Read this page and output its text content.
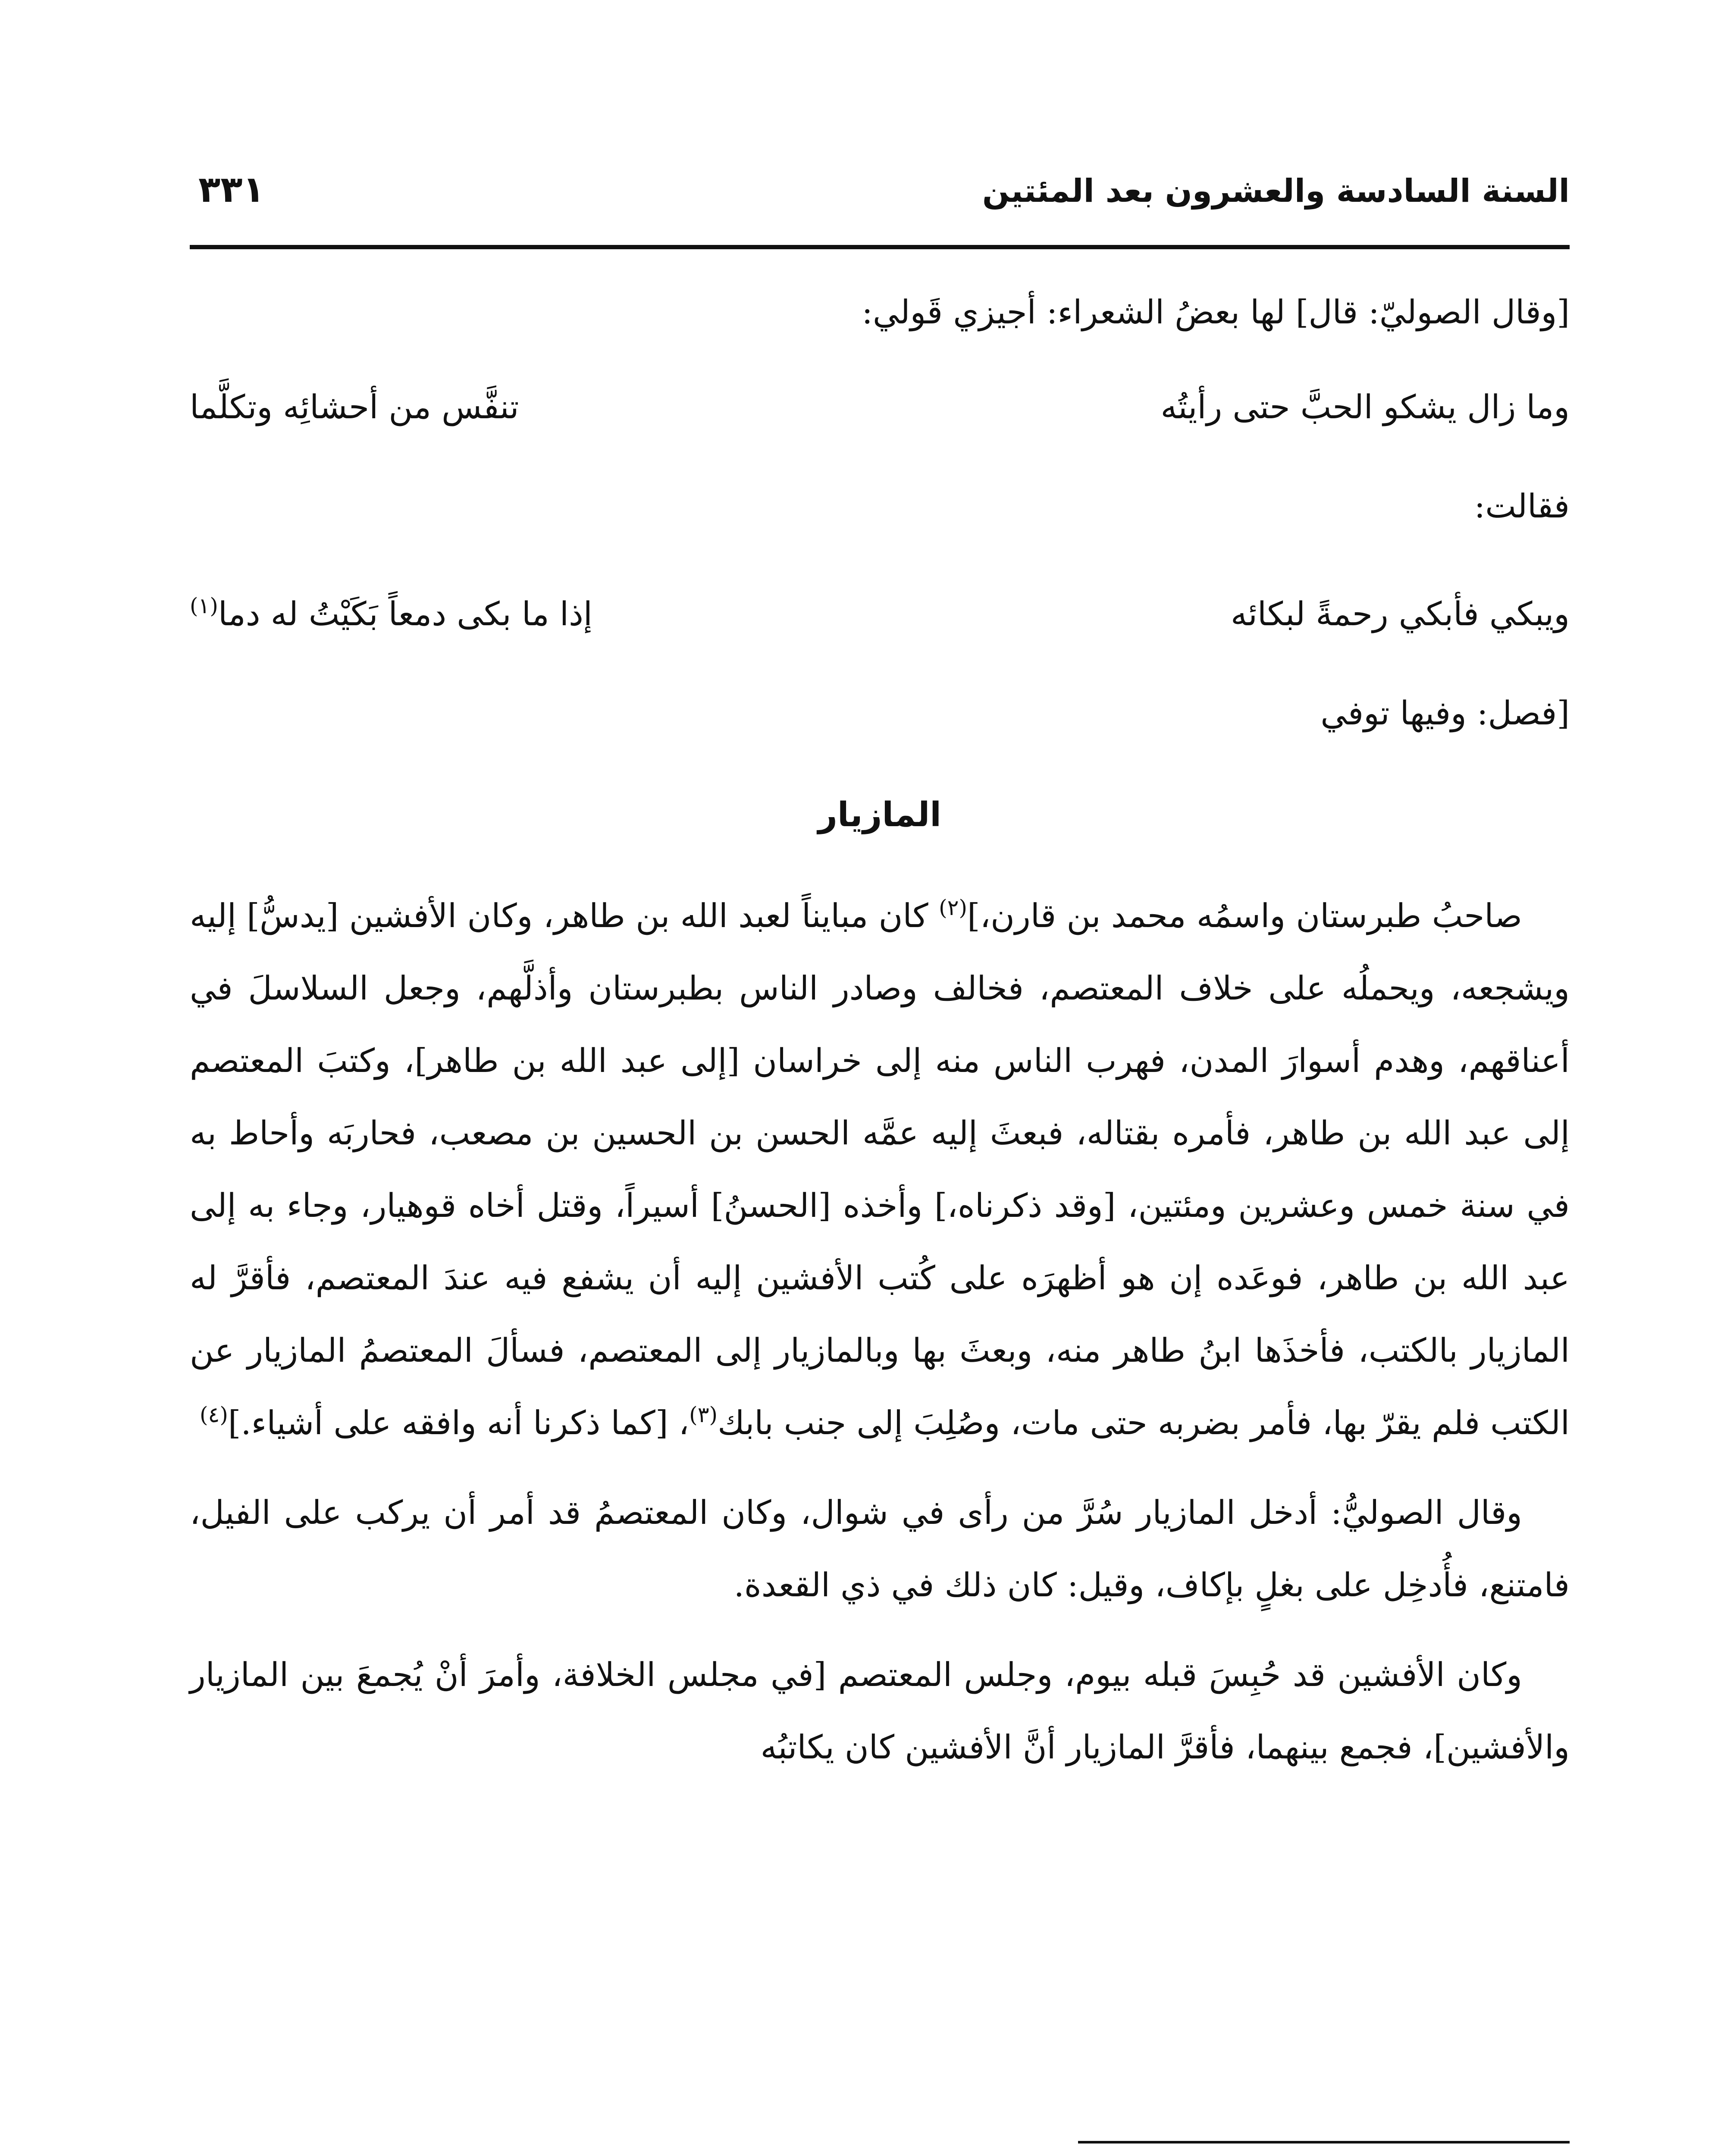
السنة السادسة والعشرون بعد المئتين
٣٣١
[وقال الصوليّ: قال] لها بعضُ الشعراء: أجيزي قَولي:
وما زال يشكو الحبَّ حتى رأيتُه
تنفَّس من أحشائِه وتكلَّما
فقالت:
ويبكي فأبكي رحمةً لبكائه
إذا ما بكى دمعاً بَكَيْتُ له دما$^{(١)}$
[فصل: وفيها توفي
المازيار

صاحبُ طبرستان واسمُه محمد بن قارن،]$^{(٢)}$ كان مبايناً لعبد الله بن طاهر، وكان الأفشين [يدسُّ] إليه ويشجعه، ويحملُه على خلاف المعتصم، فخالف وصادر الناس بطبرستان وأذلَّهم، وجعل السلاسلَ في أعناقهم، وهدم أسوارَ المدن، فهرب الناس منه إلى خراسان [إلى عبد الله بن طاهر]، وكتبَ المعتصم إلى عبد الله بن طاهر، فأمره بقتاله، فبعثَ إليه عمَّه الحسن بن الحسين بن مصعب، فحاربَه وأحاط به في سنة خمس وعشرين ومئتين، [وقد ذكرناه،] وأخذه [الحسنُ] أسيراً، وقتل أخاه قوهيار، وجاء به إلى عبد الله بن طاهر، فوعَده إن هو أظهرَه على كُتب الأفشين إليه أن يشفع فيه عندَ المعتصم، فأقرَّ له المازيار بالكتب، فأخذَها ابنُ طاهر منه، وبعثَ بها وبالمازيار إلى المعتصم، فسألَ المعتصمُ المازيار عن الكتب فلم يقرّ بها، فأمر بضربه حتى مات، وصُلِبَ إلى جنب بابك$^{(٣)}$، [كما ذكرنا أنه وافقه على أشياء.]$^{(٤)}$

وقال الصوليُّ: أدخل المازيار سُرَّ من رأى في شوال، وكان المعتصمُ قد أمر أن يركب على الفيل، فامتنع، فأُدخِل على بغلٍ بإكاف، وقيل: كان ذلك في ذي القعدة.

وكان الأفشين قد حُبِسَ قبله بيوم، وجلس المعتصم [في مجلس الخلافة، وأمرَ أنْ يُجمعَ بين المازيار والأفشين]، فجمع بينهما، فأقرَّ المازيار أنَّ الأفشين كان يكاتبُه
